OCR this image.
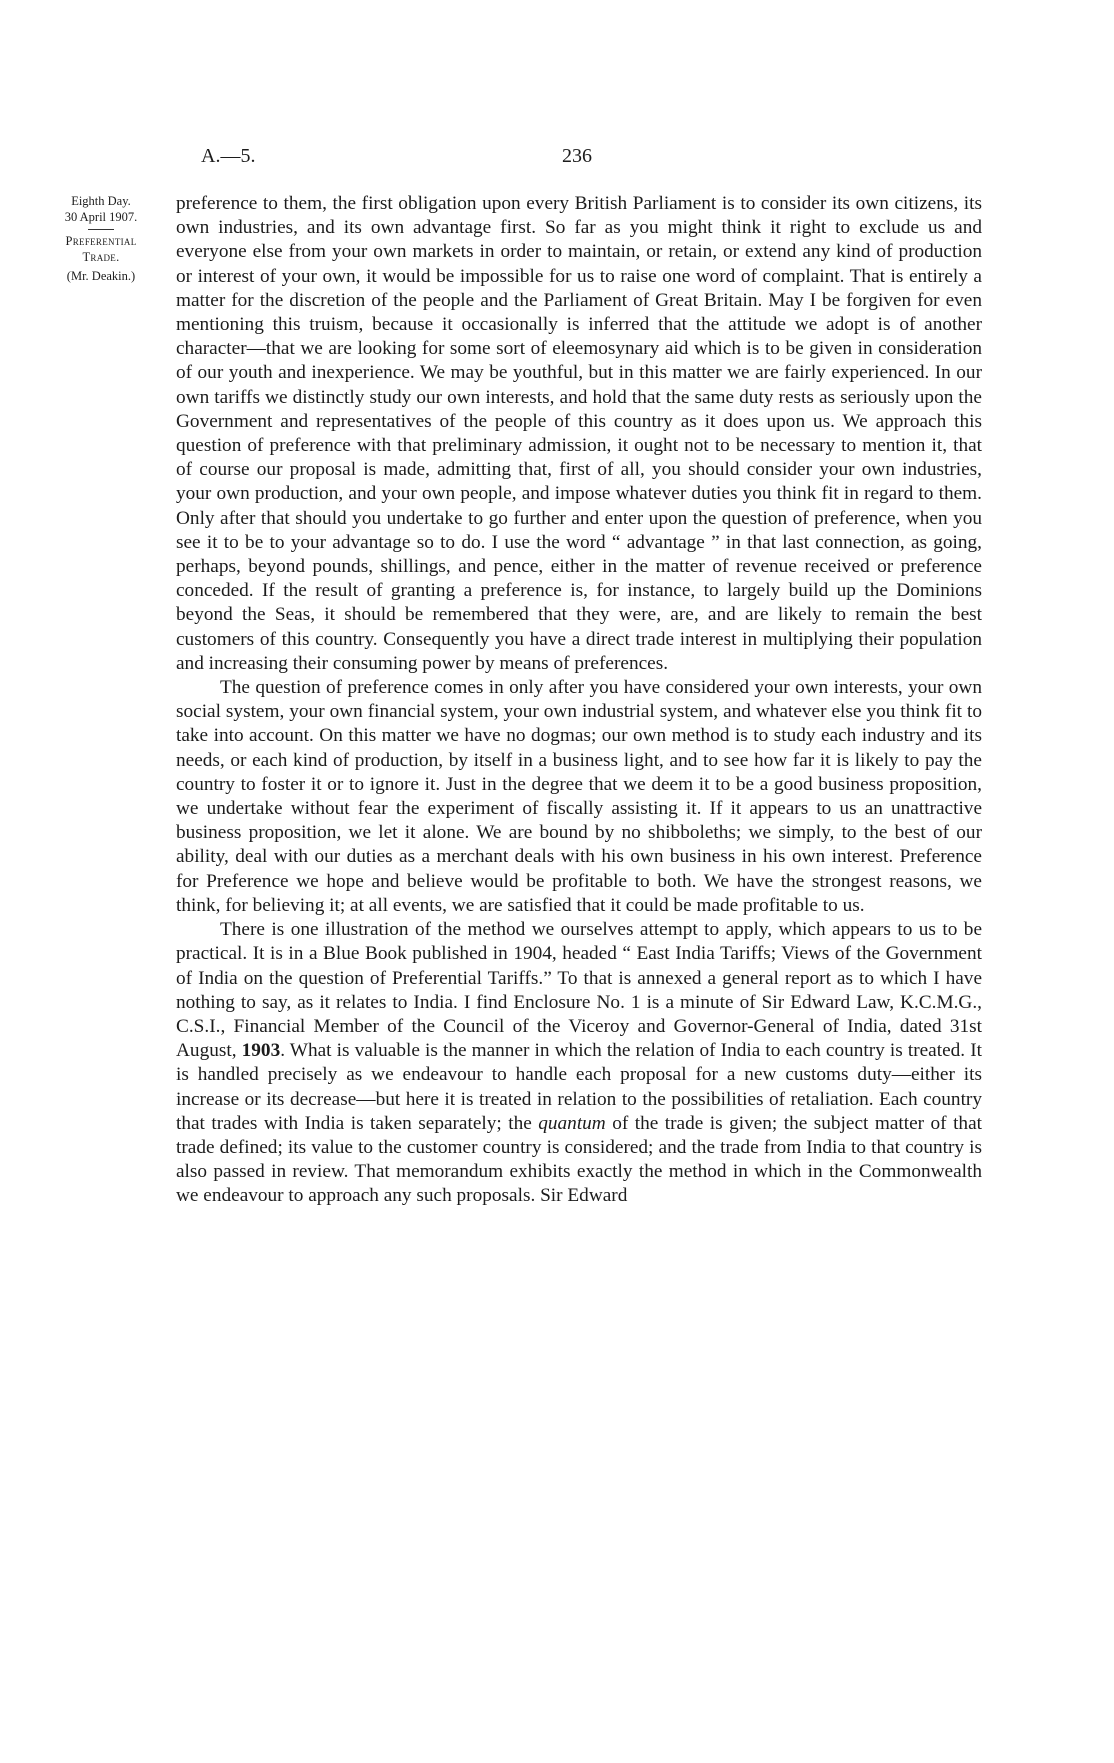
A.—5.	236
Eighth Day.
30 April 1907.
Preferential
Trade.
(Mr. Deakin.)

preference to them, the first obligation upon every British Parliament is to consider its own citizens, its own industries, and its own advantage first. So far as you might think it right to exclude us and everyone else from your own markets in order to maintain, or retain, or extend any kind of production or interest of your own, it would be impossible for us to raise one word of complaint. That is entirely a matter for the discretion of the people and the Parliament of Great Britain. May I be forgiven for even mentioning this truism, because it occasionally is inferred that the attitude we adopt is of another character—that we are looking for some sort of eleemosynary aid which is to be given in consideration of our youth and inexperience. We may be youthful, but in this matter we are fairly experienced. In our own tariffs we distinctly study our own interests, and hold that the same duty rests as seriously upon the Government and representatives of the people of this country as it does upon us. We approach this question of preference with that preliminary admission, it ought not to be necessary to mention it, that of course our proposal is made, admitting that, first of all, you should consider your own industries, your own production, and your own people, and impose whatever duties you think fit in regard to them. Only after that should you undertake to go further and enter upon the question of preference, when you see it to be to your advantage so to do. I use the word “ advantage ” in that last connection, as going, perhaps, beyond pounds, shillings, and pence, either in the matter of revenue received or preference conceded. If the result of granting a preference is, for instance, to largely build up the Dominions beyond the Seas, it should be remembered that they were, are, and are likely to remain the best customers of this country. Consequently you have a direct trade interest in multiplying their population and increasing their consuming power by means of preferences.

The question of preference comes in only after you have considered your own interests, your own social system, your own financial system, your own industrial system, and whatever else you think fit to take into account. On this matter we have no dogmas; our own method is to study each industry and its needs, or each kind of production, by itself in a business light, and to see how far it is likely to pay the country to foster it or to ignore it. Just in the degree that we deem it to be a good business proposition, we undertake without fear the experiment of fiscally assisting it. If it appears to us an unattractive business proposition, we let it alone. We are bound by no shibboleths; we simply, to the best of our ability, deal with our duties as a merchant deals with his own business in his own interest. Preference for Preference we hope and believe would be profitable to both. We have the strongest reasons, we think, for believing it; at all events, we are satisfied that it could be made profitable to us.

There is one illustration of the method we ourselves attempt to apply, which appears to us to be practical. It is in a Blue Book published in 1904, headed “ East India Tariffs; Views of the Government of India on the question of Preferential Tariffs.” To that is annexed a general report as to which I have nothing to say, as it relates to India. I find Enclosure No. 1 is a minute of Sir Edward Law, K.C.M.G., C.S.I., Financial Member of the Council of the Viceroy and Governor-General of India, dated 31st August, 1903. What is valuable is the manner in which the relation of India to each country is treated. It is handled precisely as we endeavour to handle each proposal for a new customs duty—either its increase or its decrease—but here it is treated in relation to the possibilities of retaliation. Each country that trades with India is taken separately; the quantum of the trade is given; the subject matter of that trade defined; its value to the customer country is considered; and the trade from India to that country is also passed in review. That memorandum exhibits exactly the method in which in the Commonwealth we endeavour to approach any such proposals. Sir Edward
